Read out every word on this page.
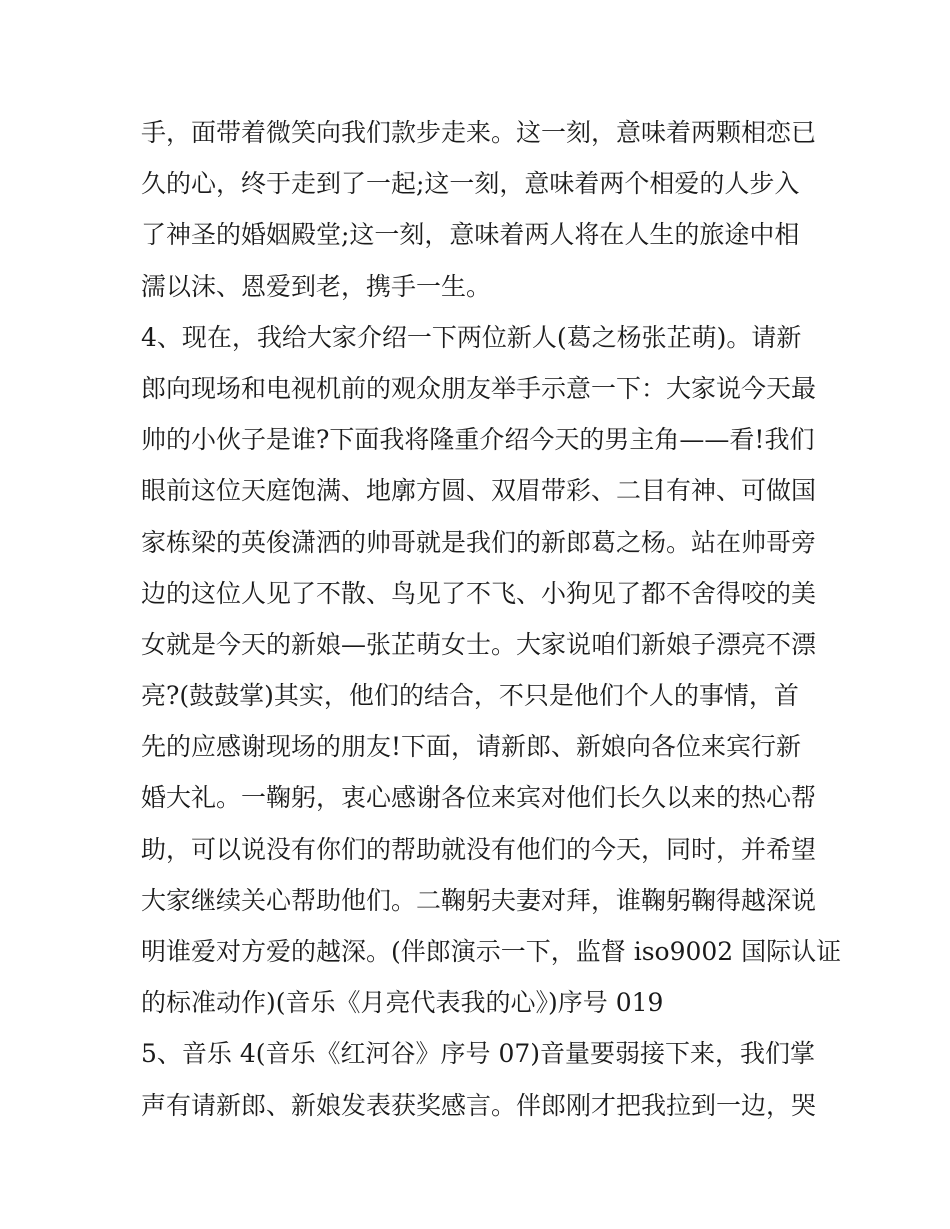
手，面带着微笑向我们款步走来。这一刻，意味着两颗相恋已
久的心，终于走到了一起;这一刻，意味着两个相爱的人步入
了神圣的婚姻殿堂;这一刻，意味着两人将在人生的旅途中相
濡以沫、恩爱到老，携手一生。
4、现在，我给大家介绍一下两位新人(葛之杨张芷萌)。请新
郎向现场和电视机前的观众朋友举手示意一下：大家说今天最
帅的小伙子是谁?下面我将隆重介绍今天的男主角——看!我们
眼前这位天庭饱满、地廓方圆、双眉带彩、二目有神、可做国
家栋梁的英俊潇洒的帅哥就是我们的新郎葛之杨。站在帅哥旁
边的这位人见了不散、鸟见了不飞、小狗见了都不舍得咬的美
女就是今天的新娘—张芷萌女士。大家说咱们新娘子漂亮不漂
亮?(鼓鼓掌)其实，他们的结合，不只是他们个人的事情，首
先的应感谢现场的朋友!下面，请新郎、新娘向各位来宾行新
婚大礼。一鞠躬，衷心感谢各位来宾对他们长久以来的热心帮
助，可以说没有你们的帮助就没有他们的今天，同时，并希望
大家继续关心帮助他们。二鞠躬夫妻对拜，谁鞠躬鞠得越深说
明谁爱对方爱的越深。(伴郎演示一下，监督 iso9002 国际认证
的标准动作)(音乐《月亮代表我的心》)序号 019
5、音乐 4(音乐《红河谷》序号 07)音量要弱接下来，我们掌
声有请新郎、新娘发表获奖感言。伴郎刚才把我拉到一边，哭
